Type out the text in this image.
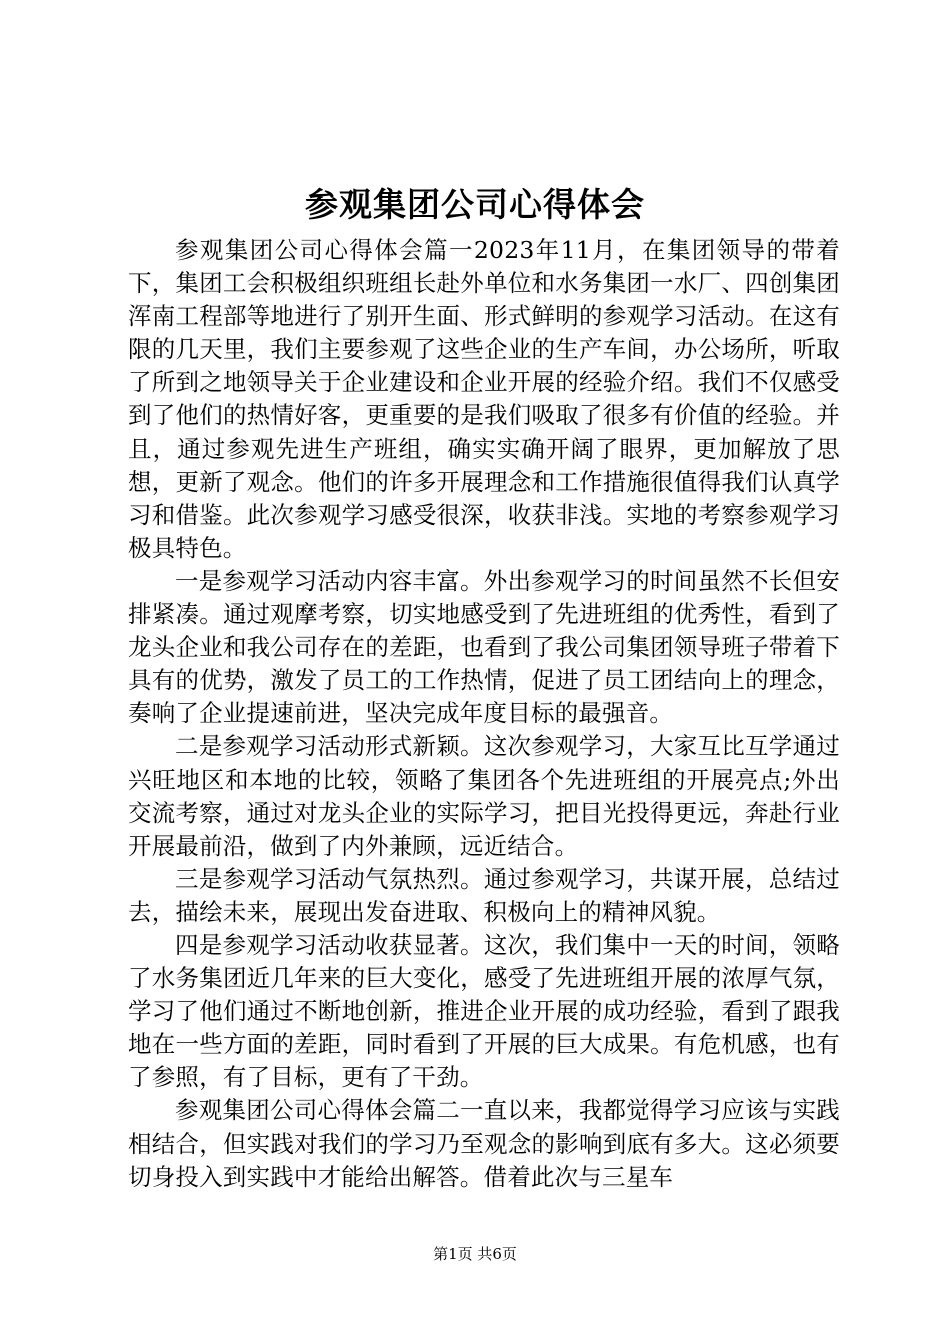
参观集团公司心得体会

参观集团公司心得体会篇一2023年11月，在集团领导的带着下，集团工会积极组织班组长赴外单位和水务集团一水厂、四创集团浑南工程部等地进行了别开生面、形式鲜明的参观学习活动。在这有限的几天里，我们主要参观了这些企业的生产车间，办公场所，听取了所到之地领导关于企业建设和企业开展的经验介绍。我们不仅感受到了他们的热情好客，更重要的是我们吸取了很多有价值的经验。并且，通过参观先进生产班组，确实实确开阔了眼界，更加解放了思想，更新了观念。他们的许多开展理念和工作措施很值得我们认真学习和借鉴。此次参观学习感受很深，收获非浅。实地的考察参观学习极具特色。

一是参观学习活动内容丰富。外出参观学习的时间虽然不长但安排紧凑。通过观摩考察，切实地感受到了先进班组的优秀性，看到了龙头企业和我公司存在的差距，也看到了我公司集团领导班子带着下具有的优势，激发了员工的工作热情，促进了员工团结向上的理念，奏响了企业提速前进，坚决完成年度目标的最强音。

二是参观学习活动形式新颖。这次参观学习，大家互比互学通过兴旺地区和本地的比较，领略了集团各个先进班组的开展亮点;外出交流考察，通过对龙头企业的实际学习，把目光投得更远，奔赴行业开展最前沿，做到了内外兼顾，远近结合。

三是参观学习活动气氛热烈。通过参观学习，共谋开展，总结过去，描绘未来，展现出发奋进取、积极向上的精神风貌。

四是参观学习活动收获显著。这次，我们集中一天的时间，领略了水务集团近几年来的巨大变化，感受了先进班组开展的浓厚气氛，学习了他们通过不断地创新，推进企业开展的成功经验，看到了跟我地在一些方面的差距，同时看到了开展的巨大成果。有危机感，也有了参照，有了目标，更有了干劲。

参观集团公司心得体会篇二一直以来，我都觉得学习应该与实践相结合，但实践对我们的学习乃至观念的影响到底有多大。这必须要切身投入到实践中才能给出解答。借着此次与三星车

第1页 共6页
